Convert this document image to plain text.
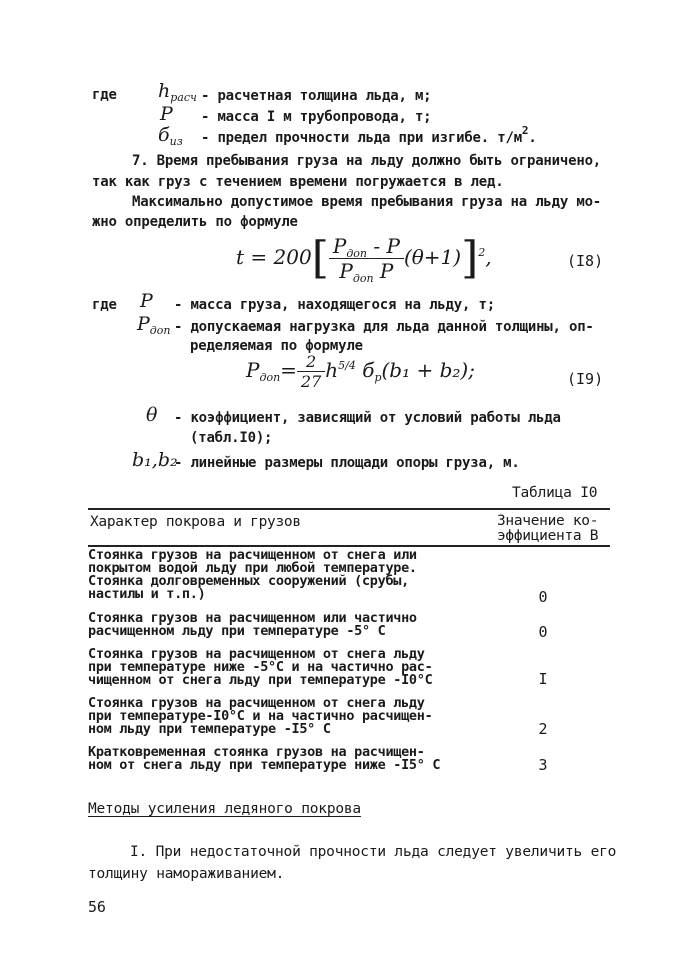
где $h_{расч}$ - расчетная толщина льда, м;
P - масса I м трубопровода, т;
$б_{из}$ - предел прочности льда при изгибе. $т/м^2$.
7. Время пребывания груза на льду должно быть ограничено,
так как груз с течением времени погружается в лед.
Максимально допустимое время пребывания груза на льду мо-
жно определить по формуле
$t = 200[ \frac{P_{доп} - P}{P_{доп} P} (\theta+1)]^2$,	(I8)
где P - масса груза, находящегося на льду, т;
$P_{доп}$ - допускаемая нагрузка для льда данной толщины, оп-
ределяемая по формуле
$P_{доп}= \frac{2}{27} h^{5/4}$ $б_р(b_1 + b_2)$;	(I9)
θ - коэффициент, зависящий от условий работы льда
(табл.I0);
b₁,b₂
- линейные размеры площади опоры груза, м.
Таблица I0
Характер покрова и грузов	Значение ко-
эффициента B
Стоянка грузов на расчищенном от снега или
покрытом водой льду при любой температуре.
Стоянка долговременных сооружений (срубы,
настилы и т.п.)	0
Стоянка грузов на расчищенном или частично
расчищенном льду при температуре -5° C	0
Стоянка грузов на расчищенном от снега льду
при температуре ниже -5°C и на частично рас-
чищенном от снега льду при температуре -I0°C	I
Стоянка грузов на расчищенном от снега льду
при температуре-I0°C и на частично расчищен-
ном льду при температуре -I5° C	2
Кратковременная стоянка грузов на расчищен-
ном от снега льду при температуре ниже -I5° C	3
Методы усиления ледяного покрова
I. При недостаточной прочности льда следует увеличить его
толщину намораживанием.
56
